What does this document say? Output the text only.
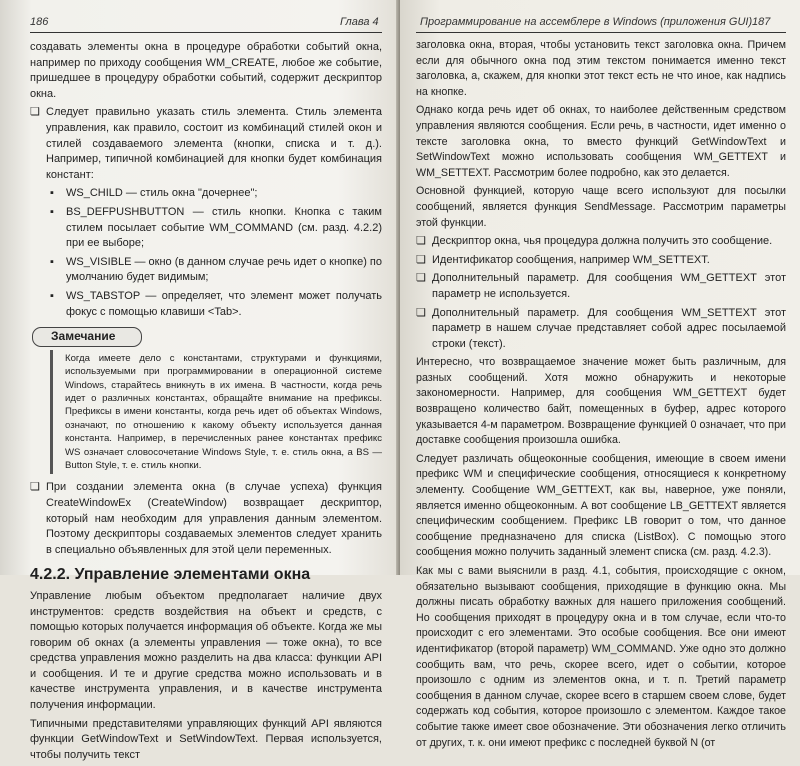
186	Глава 4
создавать элементы окна в процедуре обработки событий окна, например по приходу сообщения WM_CREATE, любое же событие, пришедшее в процедуру обработки событий, содержит дескриптор окна.
❏ Следует правильно указать стиль элемента. Стиль элемента управления, как правило, состоит из комбинаций стилей окон и стилей создаваемого элемента (кнопки, списка и т. д.). Например, типичной комбинацией для кнопки будет комбинация констант:
▪ WS_CHILD — стиль окна "дочернее";
▪ BS_DEFPUSHBUTTON — стиль кнопки. Кнопка с таким стилем посылает событие WM_COMMAND (см. разд. 4.2.2) при ее выборе;
▪ WS_VISIBLE — окно (в данном случае речь идет о кнопке) по умолчанию будет видимым;
▪ WS_TABSTOP — определяет, что элемент может получать фокус с помощью клавиши <Tab>.
Замечание
Когда имеете дело с константами, структурами и функциями, используемыми при программировании в операционной системе Windows, старайтесь вникнуть в их имена. В частности, когда речь идет о различных константах, обращайте внимание на префиксы. Префиксы в имени константы, когда речь идет об объектах Windows, означают, по отношению к какому объекту используется данная константа. Например, в перечисленных ранее константах префикс WS означает словосочетание Windows Style, т. е. стиль окна, а BS — Button Style, т. е. стиль кнопки.
❏ При создании элемента окна (в случае успеха) функция CreateWindowEx (CreateWindow) возвращает дескриптор, который нам необходим для управления данным элементом. Поэтому дескрипторы создаваемых элементов следует хранить в специально объявленных для этой цели переменных.
4.2.2. Управление элементами окна
Управление любым объектом предполагает наличие двух инструментов: средств воздействия на объект и средств, с помощью которых получается информация об объекте. Когда же мы говорим об окнах (а элементы управления — тоже окна), то все средства управления можно разделить на два класса: функции API и сообщения. И те и другие средства можно использовать и в качестве инструмента управления, и в качестве инструмента получения информации.
Типичными представителями управляющих функций API являются функции GetWindowText и SetWindowText. Первая используется, чтобы получить текст
Программирование на ассемблере в Windows (приложения GUI) 187
заголовка окна, вторая, чтобы установить текст заголовка окна. Причем если для обычного окна под этим текстом понимается именно текст заголовка, а, скажем, для кнопки этот текст есть не что иное, как надпись на кнопке.
Однако когда речь идет об окнах, то наиболее действенным средством управления являются сообщения. Если речь, в частности, идет именно о тексте заголовка окна, то вместо функций GetWindowText и SetWindowText можно использовать сообщения WM_GETTEXT и WM_SETTEXT. Рассмотрим более подробно, как это делается.
Основной функцией, которую чаще всего используют для посылки сообщений, является функция SendMessage. Рассмотрим параметры этой функции.
❏ Дескриптор окна, чья процедура должна получить это сообщение.
❏ Идентификатор сообщения, например WM_SETTEXT.
❏ Дополнительный параметр. Для сообщения WM_GETTEXT этот параметр не используется.
❏ Дополнительный параметр. Для сообщения WM_SETTEXT этот параметр в нашем случае представляет собой адрес посылаемой строки (текст).
Интересно, что возвращаемое значение может быть различным, для разных сообщений. Хотя можно обнаружить и некоторые закономерности. Например, для сообщения WM_GETTEXT будет возвращено количество байт, помещенных в буфер, адрес которого указывается 4-м параметром. Возвращение функцией 0 означает, что при доставке сообщения произошла ошибка.
Следует различать общеоконные сообщения, имеющие в своем имени префикс WM и специфические сообщения, относящиеся к конкретному элементу. Сообщение WM_GETTEXT, как вы, наверное, уже поняли, является именно общеоконным. А вот сообщение LB_GETTEXT является специфическим сообщением. Префикс LB говорит о том, что данное сообщение предназначено для списка (ListBox). С помощью этого сообщения можно получить заданный элемент списка (см. разд. 4.2.3).
Как мы с вами выяснили в разд. 4.1, события, происходящие с окном, обязательно вызывают сообщения, приходящие в функцию окна. Мы должны писать обработку важных для нашего приложения сообщений. Но сообщения приходят в процедуру окна и в том случае, если что-то происходит с его элементами. Это особые сообщения. Все они имеют идентификатор (второй параметр) WM_COMMAND. Уже одно это должно сообщить вам, что речь, скорее всего, идет о событии, которое произошло с одним из элементов окна, и т. п. Третий параметр сообщения в данном случае, скорее всего в старшем своем слове, будет содержать код события, которое произошло с элементом. Каждое такое событие также имеет свое обозначение. Эти обозначения легко отличить от других, т. к. они имеют префикс с последней буквой N (от
